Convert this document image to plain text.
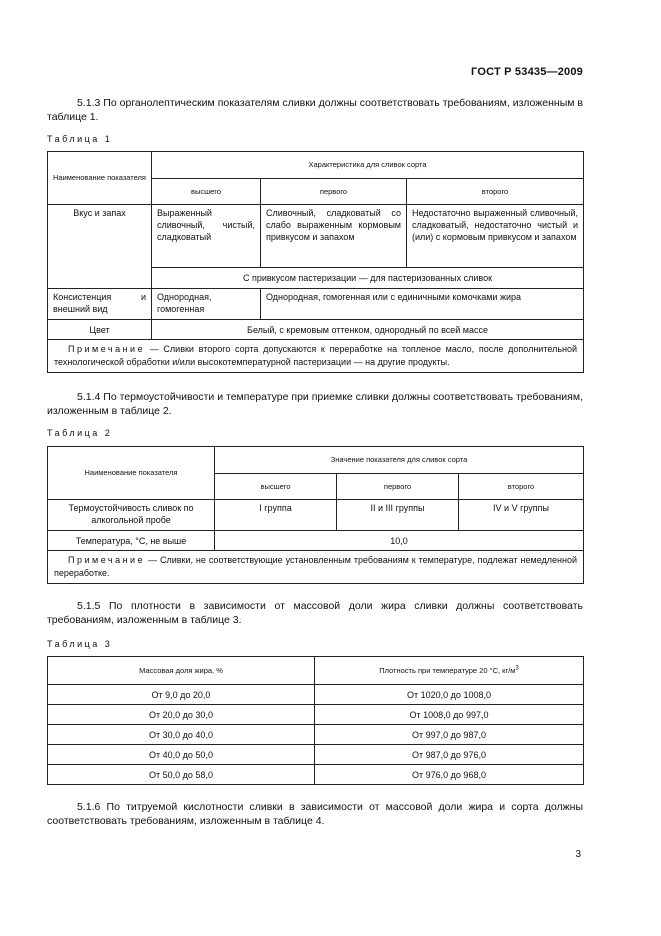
ГОСТ Р 53435—2009
5.1.3 По органолептическим показателям сливки должны соответствовать требованиям, изложенным в таблице 1.
Таблица 1
Наименование показателя	Характеристика для сливок сорта		
	высшего	первого	второго
Вкус и запах	Выраженный сливочный, чистый, сладковатый	Сливочный, сладковатый со слабо выраженным кормовым привкусом и запахом	Недостаточно выраженный сливочный, сладковатый, недостаточно чистый и (или) с кормовым привкусом и запахом
	С привкусом пастеризации — для пастеризованных сливок		
Консистенция и внешний вид	Однородная, гомогенная	Однородная, гомогенная или с единичными комочками жира	
Цвет	Белый, с кремовым оттенком, однородный по всей массе		
Примечание — Сливки второго сорта допускаются к переработке на топленое масло, после дополнительной технологической обработки и/или высокотемпературной пастеризации — на другие продукты.			
5.1.4 По термоустойчивости и температуре при приемке сливки должны соответствовать требованиям, изложенным в таблице 2.
Таблица 2
Наименование показателя	Значение показателя для сливок сорта		
	высшего	первого	второго
Термоустойчивость сливок по алкогольной пробе	I группа	II и III группы	IV и V группы
Температура, °С, не выше	10,0		
Примечание — Сливки, не соответствующие установленным требованиям к температуре, подлежат немедленной переработке.			
5.1.5 По плотности в зависимости от массовой доли жира сливки должны соответствовать требованиям, изложенным в таблице 3.
Таблица 3
Массовая доля жира, %	Плотность при температуре 20 °С, $кг/м^3$
От 9,0 до 20,0	От 1020,0 до 1008,0
От 20,0 до 30,0	От 1008,0 до 997,0
От 30,0 до 40,0	От 997,0 до 987,0
От 40,0 до 50,0	От 987,0 до 976,0
От 50,0 до 58,0	От 976,0 до 968,0
5.1.6 По титруемой кислотности сливки в зависимости от массовой доли жира и сорта должны соответствовать требованиям, изложенным в таблице 4.
3
